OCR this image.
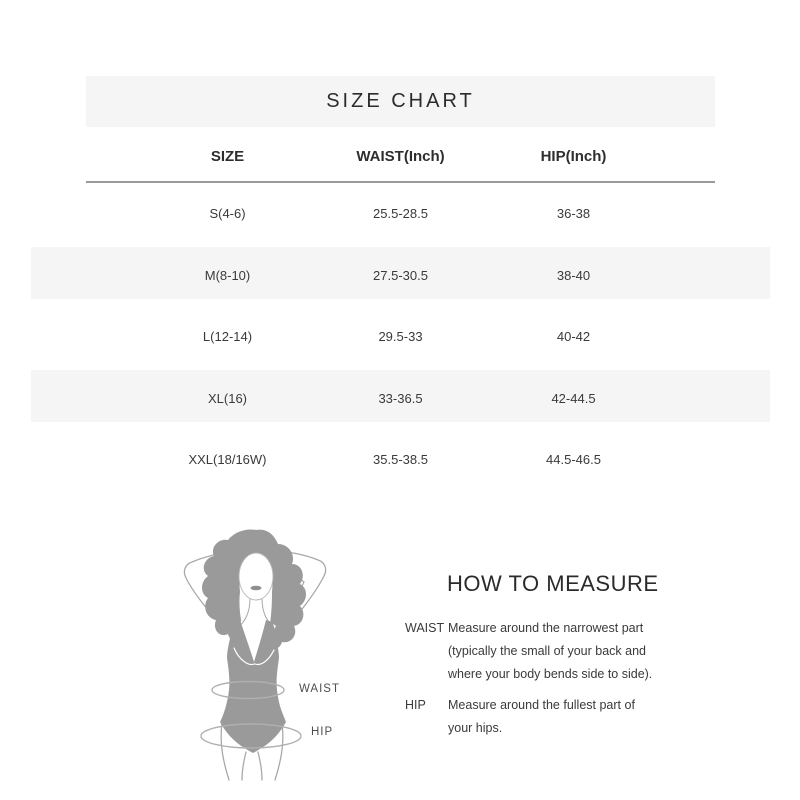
SIZE CHART
SIZE	WAIST(Inch)	HIP(Inch)
S(4-6)	25.5-28.5	36-38
M(8-10)	27.5-30.5	38-40
L(12-14)	29.5-33	40-42
XL(16)	33-36.5	42-44.5
XXL(18/16W)	35.5-38.5	44.5-46.5
WAIST
HIP
HOW TO MEASURE
WAIST Measure around the narrowest part
(typically the small of your back and
where your body bends side to side).
HIP	Measure around the fullest part of
your hips.
